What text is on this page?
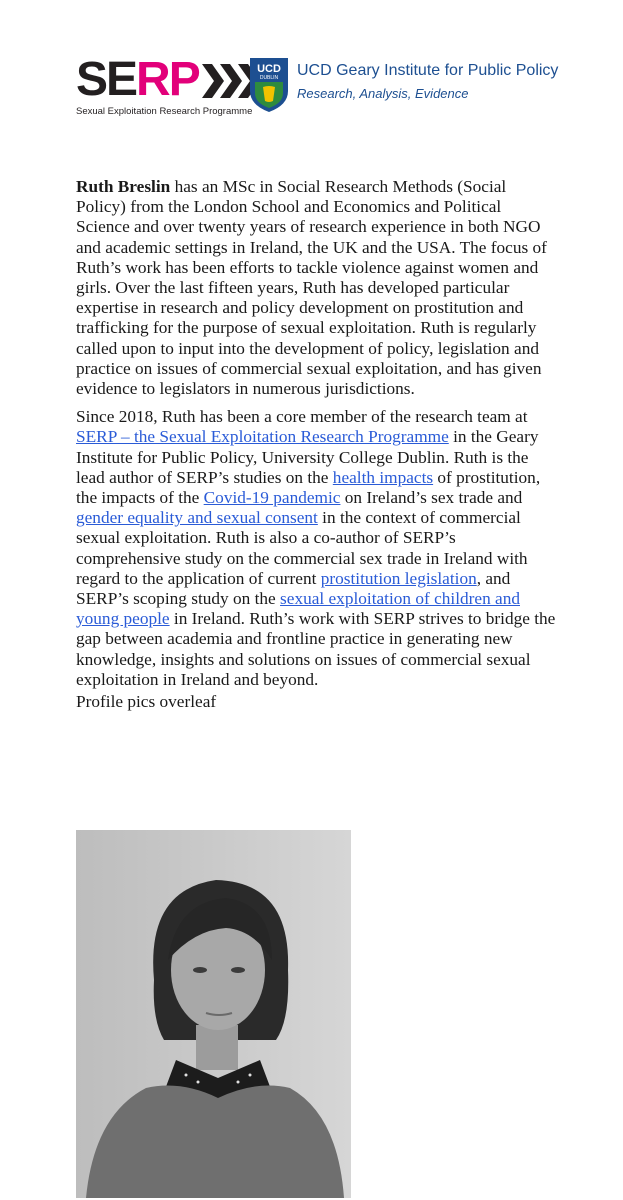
SERP
Sexual Exploitation Research Programme
UCD
DUBLIN UCD Geary Institute for Public Policy
Research, Analysis, Evidence

Ruth Breslin has an MSc in Social Research Methods (Social Policy) from the London School and Economics and Political Science and over twenty years of research experience in both NGO and academic settings in Ireland, the UK and the USA. The focus of Ruth’s work has been efforts to tackle violence against women and girls. Over the last fifteen years, Ruth has developed particular expertise in research and policy development on prostitution and trafficking for the purpose of sexual exploitation. Ruth is regularly called upon to input into the development of policy, legislation and practice on issues of commercial sexual exploitation, and has given evidence to legislators in numerous jurisdictions.

Since 2018, Ruth has been a core member of the research team at SERP – the Sexual Exploitation Research Programme in the Geary Institute for Public Policy, University College Dublin. Ruth is the lead author of SERP’s studies on the health impacts of prostitution, the impacts of the Covid-19 pandemic on Ireland’s sex trade and gender equality and sexual consent in the context of commercial sexual exploitation. Ruth is also a co-author of SERP’s comprehensive study on the commercial sex trade in Ireland with regard to the application of current prostitution legislation, and SERP’s scoping study on the sexual exploitation of children and young people in Ireland. Ruth’s work with SERP strives to bridge the gap between academia and frontline practice in generating new knowledge, insights and solutions on issues of commercial sexual exploitation in Ireland and beyond.

Profile pics overleaf
